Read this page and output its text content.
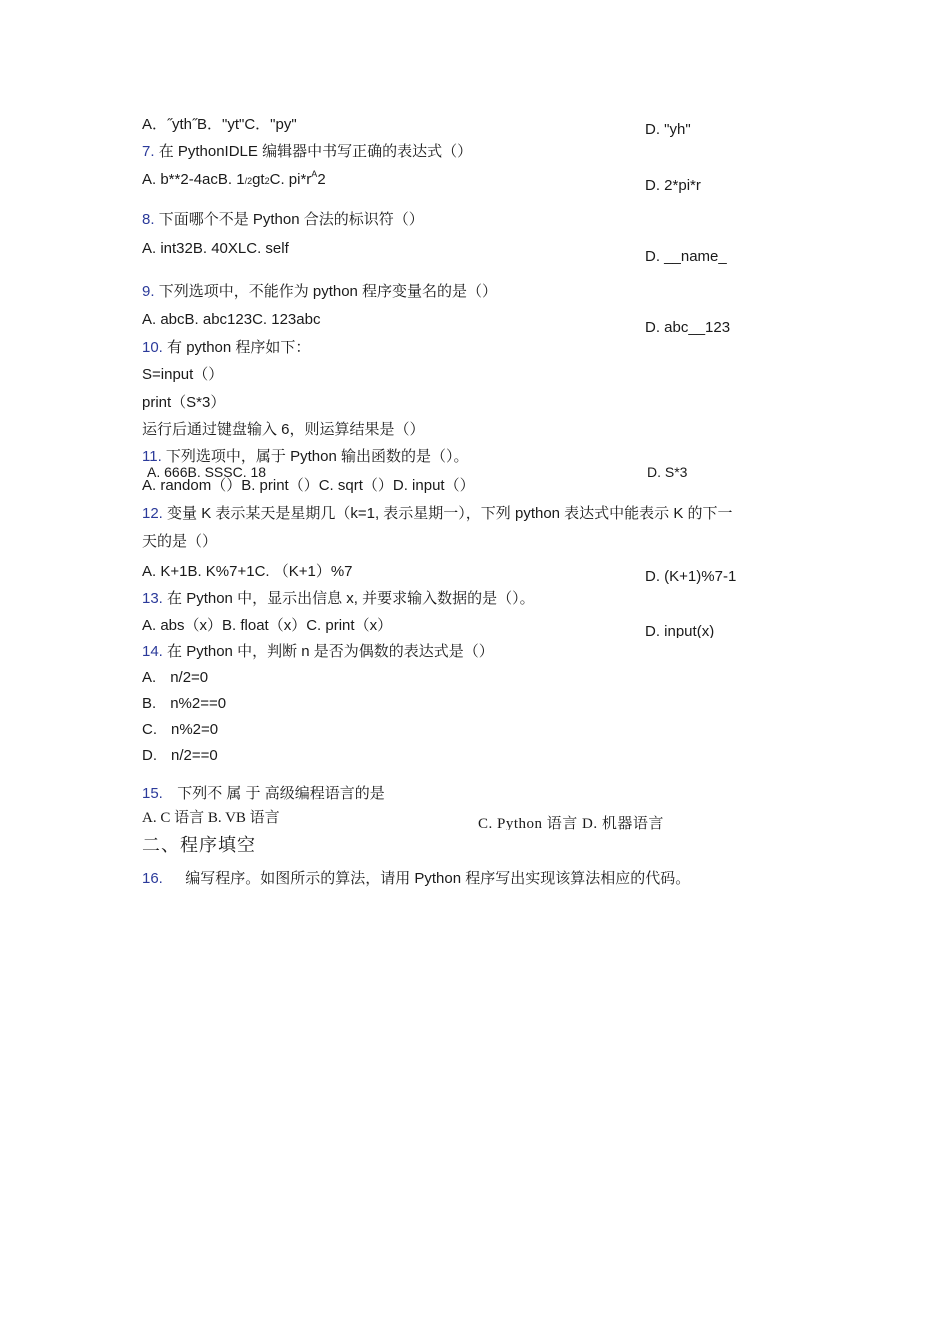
A．˝yth˝B．"yt"C．"py"	D. "yh"
7. 在 PythonIDLE 编辑器中书写正确的表达式（）
A. b**2-4acB. 1/2gt2C. $pi*r^A2$	D. 2*pi*r
8. 下面哪个不是 Python 合法的标识符（）
A. int32B. 40XLC. self	D. __name_
9. 下列选项中，不能作为 python 程序变量名的是（）
A. abcB. abc123C. 123abc	D. abc__123
10. 有 python 程序如下：
S=input（）
print（S*3）
运行后通过键盘输入 6，则运算结果是（）
A. 666B. SSSC. 18	D. S*3
11. 下列选项中，属于 Python 输出函数的是（）。
A. random（）B. print（）C. sqrt（）D. input（）
12. 变量 K 表示某天是星期几（k=1, 表示星期一），下列 python 表达式中能表示 K 的下一
天的是（）
A. K+1B. K%7+1C. （K+1）%7	D. (K+1)%7-1
13. 在 Python 中，显示出信息 x, 并要求输入数据的是（）。
A. abs（x）B. float（x）C. print（x）	D. input(x)
14. 在 Python 中，判断 n 是否为偶数的表达式是（）
A. n/2=0
B. n%2==0
C. n%2=0
D. n/2==0
15. 下列不 属 于 高级编程语言的是
A. C 语言 B. VB 语言	C. Python 语言 D. 机器语言
二、程序填空
16. 编写程序。如图所示的算法，请用 Python 程序写出实现该算法相应的代码。
